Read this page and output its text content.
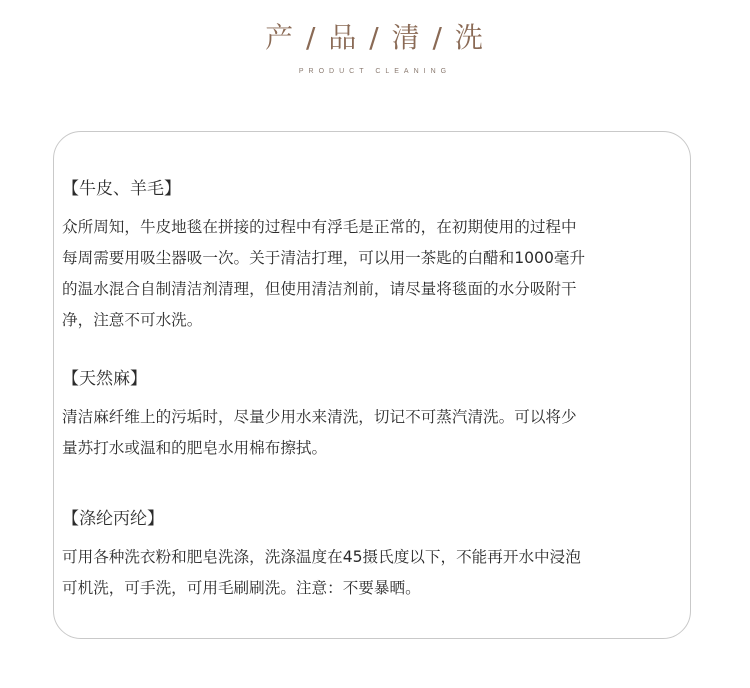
产 / 品 / 清 / 洗
PRODUCT CLEANING

【牛皮、羊毛】

众所周知，牛皮地毯在拼接的过程中有浮毛是正常的，在初期使用的过程中
每周需要用吸尘器吸一次。关于清洁打理，可以用一茶匙的白醋和1000毫升
的温水混合自制清洁剂清理，但使用清洁剂前，请尽量将毯面的水分吸附干
净，注意不可水洗。

【天然麻】

清洁麻纤维上的污垢时，尽量少用水来清洗，切记不可蒸汽清洗。可以将少
量苏打水或温和的肥皂水用棉布擦拭。

【涤纶丙纶】

可用各种洗衣粉和肥皂洗涤，洗涤温度在45摄氏度以下，不能再开水中浸泡
可机洗，可手洗，可用毛刷刷洗。注意：不要暴晒。
